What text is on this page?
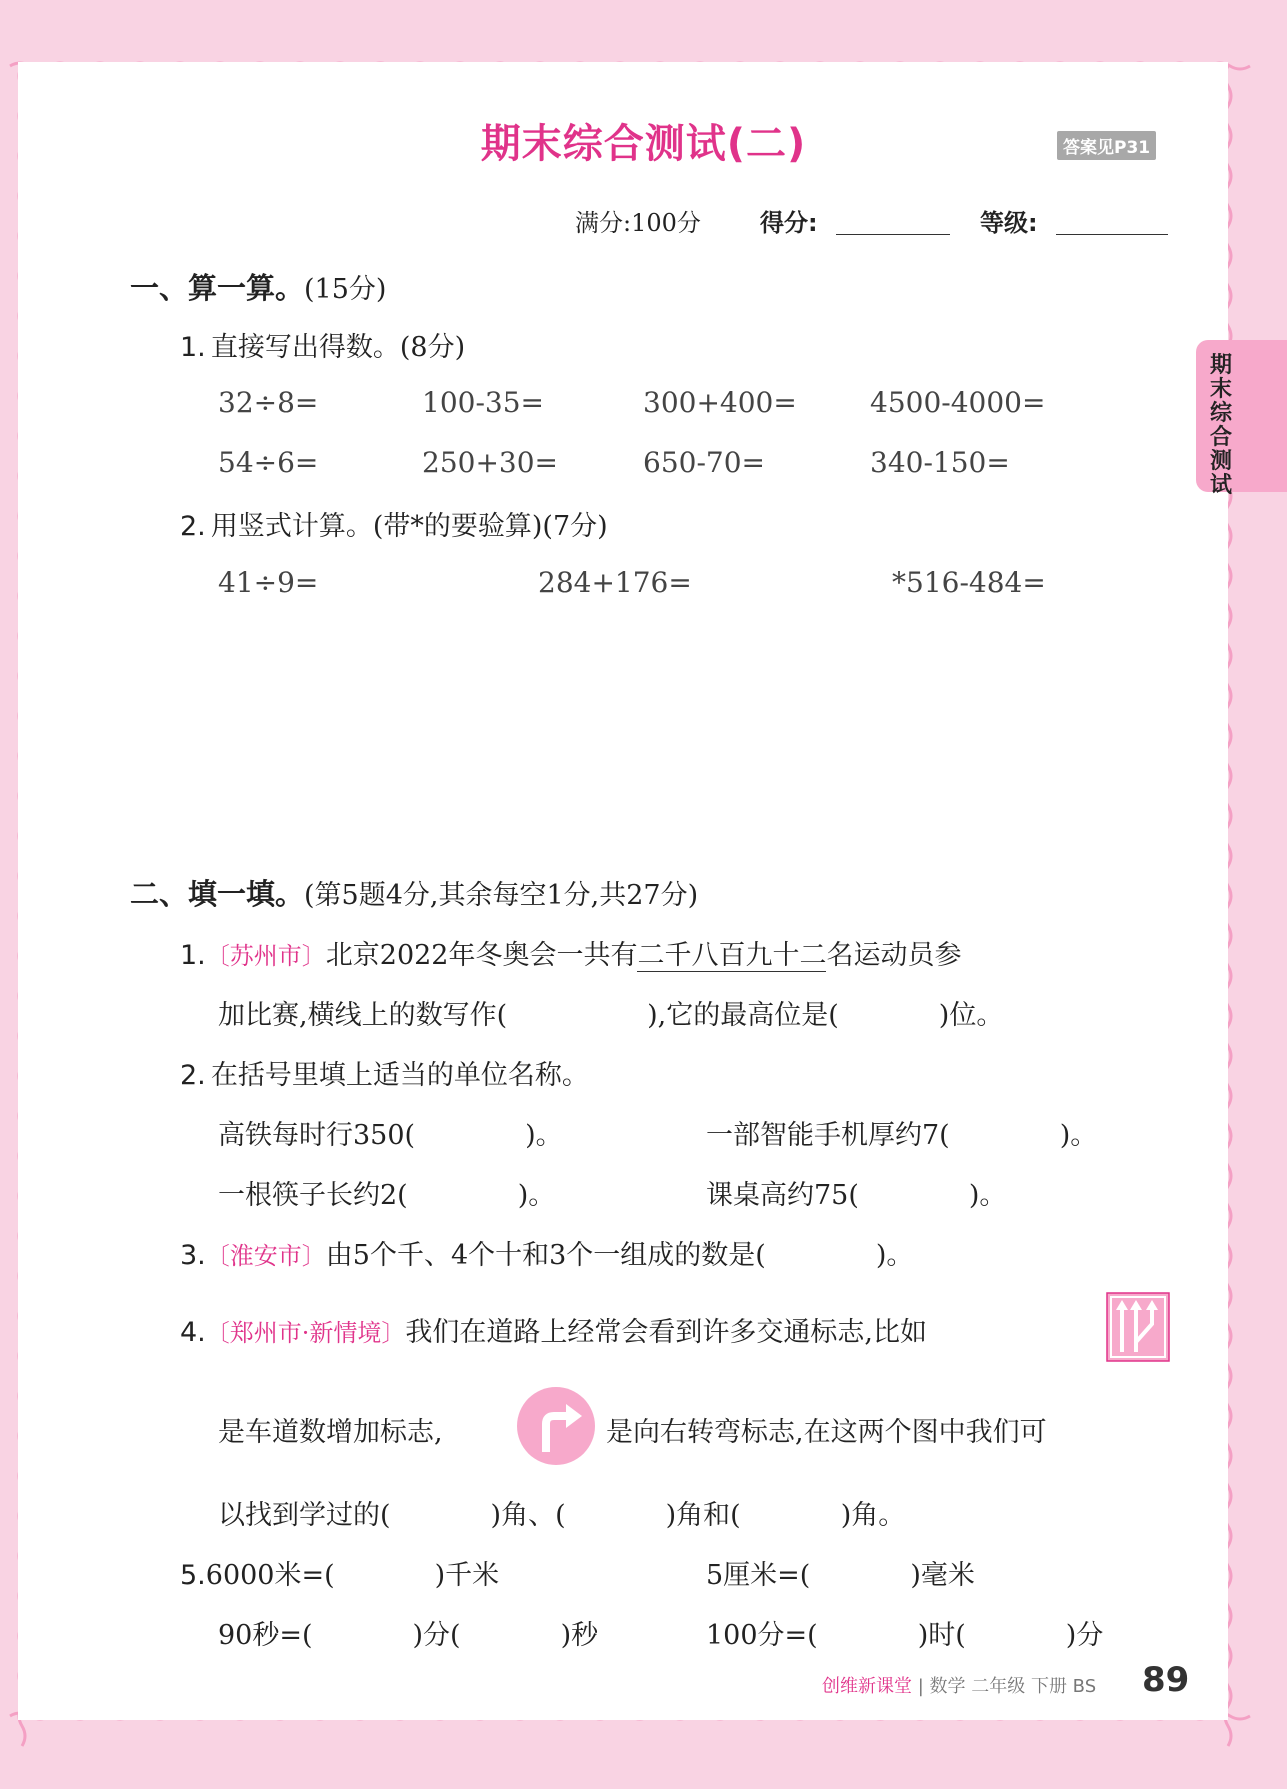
期末综合测试
期末综合测试(二)	答案见P31
满分:100分 得分:	等级:
一、算一算。(15分)
1. 直接写出得数。(8分)
32÷8=	100-35=	300+400=	4500-4000=
54÷6=	250+30=	650-70=	340-150=
2. 用竖式计算。(带*的要验算)(7分)
41÷9=	284+176=	*516-484=
二、填一填。(第5题4分,其余每空1分,共27分)
1.〔苏州市〕北京2022年冬奥会一共有二千八百九十二名运动员参
加比赛,横线上的数写作(	),它的最高位是(	)位。
2. 在括号里填上适当的单位名称。
高铁每时行350(	)。	一部智能手机厚约7(	)。
一根筷子长约2(	)。	课桌高约75(	)。
3.〔淮安市〕由5个千、4个十和3个一组成的数是(	)。
4.〔郑州市·新情境〕我们在道路上经常会看到许多交通标志,比如
是车道数增加标志,	是向右转弯标志,在这两个图中我们可
以找到学过的(	)角、(	)角和(	)角。
5.6000米=(	)千米	5厘米=(	)毫米
90秒=(	)分(	)秒	100分=(	)时(	)分
创维新课堂 | 数学 二年级 下册 BS 89
